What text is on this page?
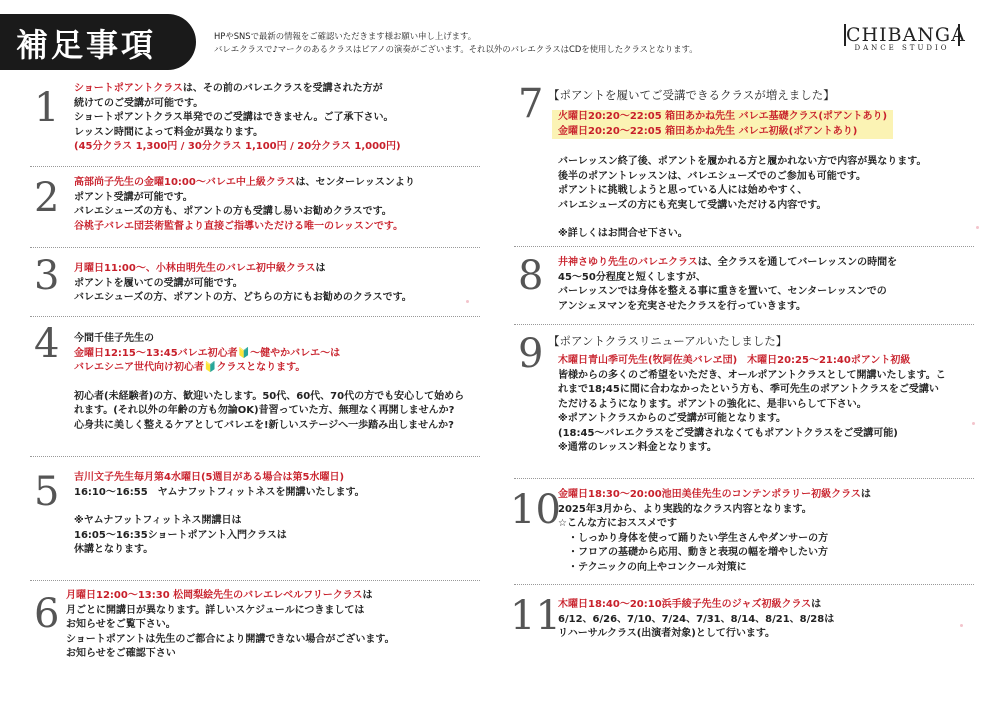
補足事項	HPやSNSで最新の情報をご確認いただきます様お願い申し上げます。
バレエクラスで♪マークのあるクラスはピアノの演奏がございます。それ以外のバレエクラスはCDを使用したクラスとなります。
CHIBANGA
DANCE STUDIO
1 ショートポアントクラスは、その前のバレエクラスを受講された方が
続けてのご受講が可能です。
ショートポアントクラス単発でのご受講はできません。ご了承下さい。
レッスン時間によって料金が異なります。
(45分クラス 1,300円 / 30分クラス 1,100円 / 20分クラス 1,000円)
2 高部尚子先生の金曜10:00〜バレエ中上級クラスは、センターレッスンより
ポアント受講が可能です。
バレエシューズの方も、ポアントの方も受講し易いお勧めクラスです。
谷桃子バレエ団芸術監督より直接ご指導いただける唯一のレッスンです。
3 月曜日11:00〜、小林由明先生のバレエ初中級クラスは
ポアントを履いての受講が可能です。
バレエシューズの方、ポアントの方、どちらの方にもお勧めのクラスです。
4 今間千佳子先生の
金曜日12:15〜13:45バレエ初心者🔰〜健やかバレエ〜は
バレエシニア世代向け初心者🔰クラスとなります。
初心者(未経験者)の方、歓迎いたします。50代、60代、70代の方でも安心して始めら
れます。(それ以外の年齢の方も勿論OK)昔習っていた方、無理なく再開しませんか?
心身共に美しく整えるケアとしてバレエを!新しいステージへ一歩踏み出しませんか?
5 吉川文子先生毎月第4水曜日(5週目がある場合は第5水曜日)
16:10〜16:55　ヤムナフットフィットネスを開講いたします。
※ヤムナフットフィットネス開講日は
16:05〜16:35ショートポアント入門クラスは
休講となります。
6 月曜日12:00〜13:30 松岡梨絵先生のバレエレベルフリークラスは
月ごとに開講日が異なります。詳しいスケジュールにつきましては
お知らせをご覧下さい。
ショートポアントは先生のご都合により開講できない場合がございます。
お知らせをご確認下さい
7 【ポアントを履いてご受講できるクラスが増えました】
火曜日20:20〜22:05 箱田あかね先生 バレエ基礎クラス(ポアントあり)
金曜日20:20〜22:05 箱田あかね先生 バレエ初級(ポアントあり)
バーレッスン終了後、ポアントを履かれる方と履かれない方で内容が異なります。
後半のポアントレッスンは、バレエシューズでのご参加も可能です。
ポアントに挑戦しようと思っている人には始めやすく、
バレエシューズの方にも充実して受講いただける内容です。
※詳しくはお問合せ下さい。
8 井神さゆり先生のバレエクラスは、全クラスを通してバーレッスンの時間を
45〜50分程度と短くしますが、
バーレッスンでは身体を整える事に重きを置いて、センターレッスンでの
アンシェヌマンを充実させたクラスを行っていきます。
9 【ポアントクラスリニューアルいたしました】
木曜日青山季可先生(牧阿佐美バレヱ団)　木曜日20:25〜21:40ポアント初級
皆様からの多くのご希望をいただき、オールポアントクラスとして開講いたします。こ
れまで18;45に間に合わなかったという方も、季可先生のポアントクラスをご受講い
ただけるようになります。ポアントの強化に、是非いらして下さい。
※ポアントクラスからのご受講が可能となります。
(18:45〜バレエクラスをご受講されなくてもポアントクラスをご受講可能)
※通常のレッスン料金となります。
10
金曜日18:30〜20:00池田美佳先生のコンテンポラリー初級クラスは
2025年3月から、より実践的なクラス内容となります。
☆こんな方におススメです
・しっかり身体を使って踊りたい学生さんやダンサーの方
・フロアの基礎から応用、動きと表現の幅を増やしたい方
・テクニックの向上やコンクール対策に
11
木曜日18:40〜20:10浜手綾子先生のジャズ初級クラスは
6/12、6/26、7/10、7/24、7/31、8/14、8/21、8/28は
リハーサルクラス(出演者対象)として行います。
